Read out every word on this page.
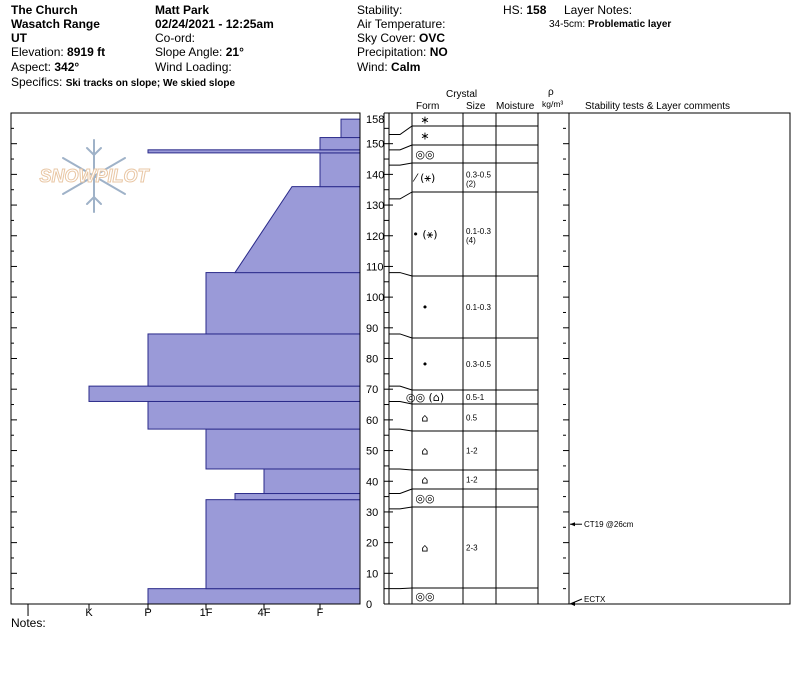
The Church
Wasatch Range
UT
Elevation: 8919 ft
Aspect: 342°
Specifics: Ski tracks on slope; We skied slope
Matt Park
02/24/2021 - 12:25am
Co-ord:
Slope Angle: 21°
Wind Loading:
Stability:
Air Temperature:
Sky Cover: OVC
Precipitation: NO
Wind: Calm
HS: 158 Layer Notes:
34-5cm: Problematic layer
Crystal
Form	Size Moisture
ρ
kg/m³ Stability tests & Layer comments
Notes:
SNOWPILOT
I	K	P	1F	4F	F
0
10
20
30
40
50
60
70
80
90
100
110
120
130
140
150
158	∗
∗
◎◎
⁄ (⚹)	0.3-0.5
(2)
• (⚹)	0.1-0.3
(4)
•	0.1-0.3
•	0.3-0.5
◎◎ (⌂)	0.5-1
⌂	0.5
⌂	1-2
⌂	1-2
◎◎
⌂	2-3
◎◎
CT19 @26cm
ECTX
